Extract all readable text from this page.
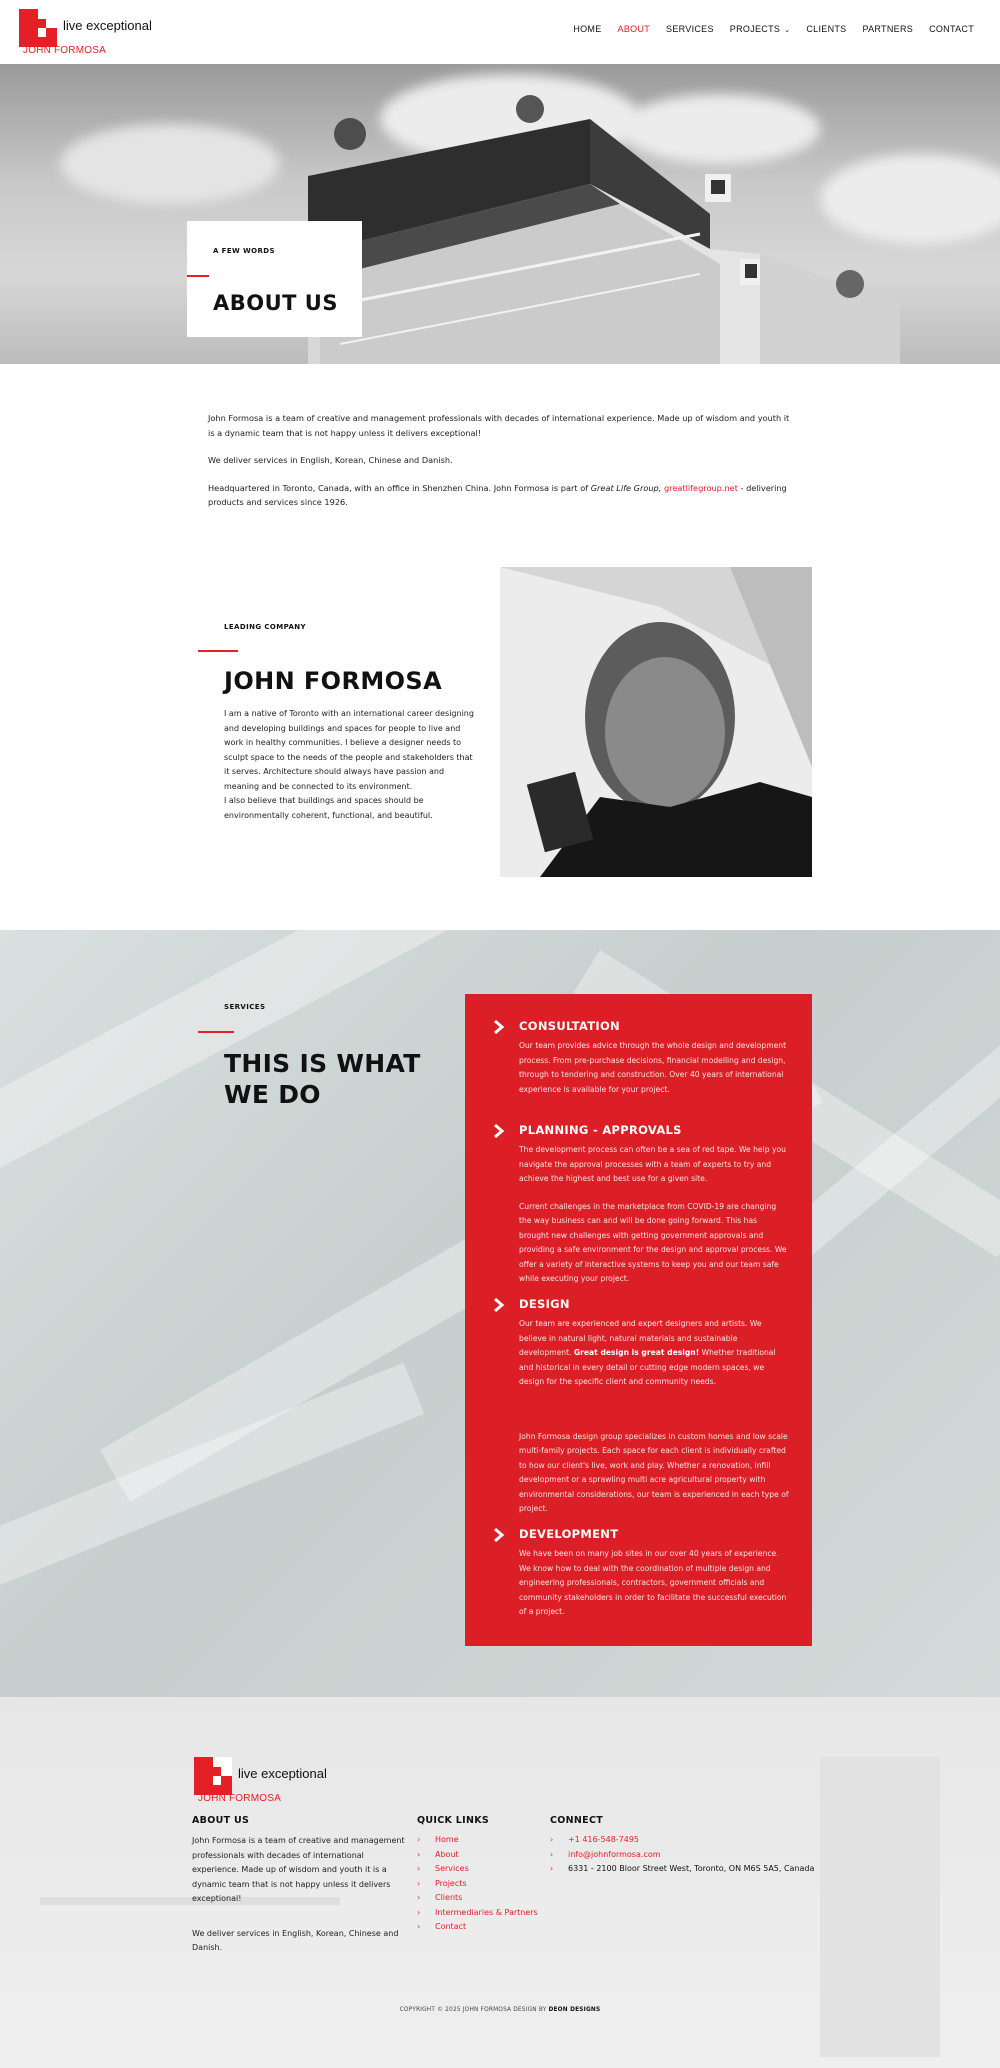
live exceptional
JOHN FORMOSA
HOME ABOUT SERVICES PROJECTS ⌄ CLIENTS PARTNERS CONTACT
A FEW WORDS
ABOUT US

John Formosa is a team of creative and management professionals with decades of international experience. Made up of wisdom and youth it is a dynamic team that is not happy unless it delivers exceptional!

We deliver services in English, Korean, Chinese and Danish.

Headquartered in Toronto, Canada, with an office in Shenzhen China. John Formosa is part of Great Life Group, greatlifegroup.net - delivering products and services since 1926.

LEADING COMPANY
JOHN FORMOSA
I am a native of Toronto with an international career designing and developing buildings and spaces for people to live and work in healthy communities. I believe a designer needs to sculpt space to the needs of the people and stakeholders that it serves. Architecture should always have passion and meaning and be connected to its environment.
I also believe that buildings and spaces should be environmentally coherent, functional, and beautiful.
SERVICES
THIS IS WHAT WE DO
CONSULTATION

Our team provides advice through the whole design and development process. From pre-purchase decisions, financial modelling and design, through to tendering and construction. Over 40 years of international experience is available for your project.

PLANNING - APPROVALS

The development process can often be a sea of red tape. We help you navigate the approval processes with a team of experts to try and achieve the highest and best use for a given site.

Current challenges in the marketplace from COVID-19 are changing the way business can and will be done going forward. This has brought new challenges with getting government approvals and providing a safe environment for the design and approval process. We offer a variety of interactive systems to keep you and our team safe while executing your project.

DESIGN

Our team are experienced and expert designers and artists. We believe in natural light, natural materials and sustainable development. Great design is great design! Whether traditional and historical in every detail or cutting edge modern spaces, we design for the specific client and community needs.

John Formosa design group specializes in custom homes and low scale multi-family projects. Each space for each client is individually crafted to how our client's live, work and play. Whether a renovation, infill development or a sprawling multi acre agricultural property with environmental considerations, our team is experienced in each type of project.

DEVELOPMENT

We have been on many job sites in our over 40 years of experience. We know how to deal with the coordination of multiple design and engineering professionals, contractors, government officials and community stakeholders in order to facilitate the successful execution of a project.

live exceptional
JOHN FORMOSA
ABOUT US

John Formosa is a team of creative and management professionals with decades of international experience. Made up of wisdom and youth it is a dynamic team that is not happy unless it delivers exceptional!

We deliver services in English, Korean, Chinese and Danish.

QUICK LINKS
› Home
› About
› Services
› Projects
› Clients
› Intermediaries & Partners
› Contact
CONNECT
› +1 416-548-7495
› info@johnformosa.com
› 6331 - 2100 Bloor Street West, Toronto, ON M6S 5A5, Canada
COPYRIGHT © 2025 JOHN FORMOSA DESIGN BY DEON DESIGNS
